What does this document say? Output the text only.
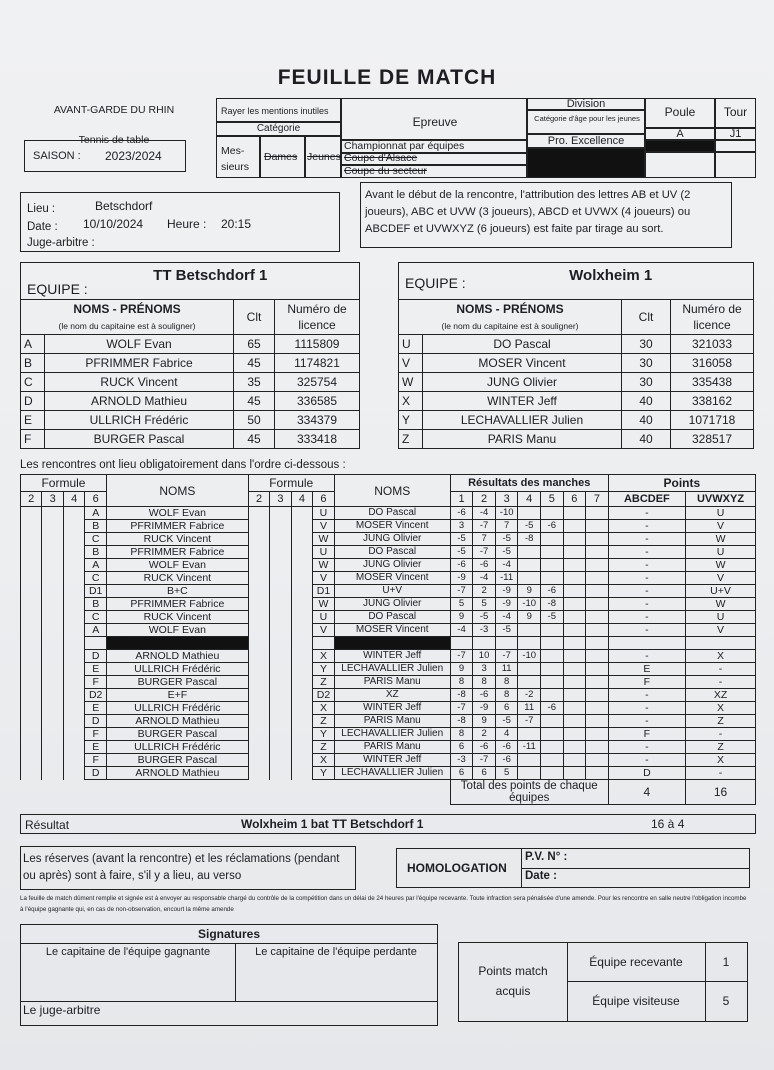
FEUILLE DE MATCH
AVANT-GARDE DU RHIN
Tennis de table
SAISON : 2023/2024
Rayer les mentions inutiles
Catégorie
Mes-sieurs
Dames Jeunes
Epreuve
Championnat par équipes
Coupe d'Alsace
Coupe du secteur
Division
Catégorie d'âge pour les jeunes
Pro. Excellence
Poule
A
Tour
J1
Lieu :	Betschdorf
Date : 10/10/2024 Heure : 20:15
Juge-arbitre :
Avant le début de la rencontre, l'attribution des lettres AB et UV (2 joueurs), ABC et UVW (3 joueurs), ABCD et UVWX (4 joueurs) ou ABCDEF et UVWXYZ (6 joueurs) est faite par tirage au sort.
EQUIPE : TT Betschdorf 1			

NOMS - PRÉNOMS
(le nom du capitaine est à souligner)		Clt	Numéro de licence
A	WOLF Evan	65	1115809
B	PFRIMMER Fabrice	45	1174821
C	RUCK Vincent	35	325754
D	ARNOLD Mathieu	45	336585
E	ULLRICH Frédéric	50	334379
F	BURGER Pascal	45	333418
EQUIPE : Wolxheim 1			

NOMS - PRÉNOMS
(le nom du capitaine est à souligner)		Clt	Numéro de licence
U	DO Pascal	30	321033
V	MOSER Vincent	30	316058
W	JUNG Olivier	30	335438
X	WINTER Jeff	40	338162
Y	LECHAVALLIER Julien	40	1071718
Z	PARIS Manu	40	328517
Les rencontres ont lieu obligatoirement dans l'ordre ci-dessous :
Formule				NOMS	Formule				NOMS	Résultats des manches							Points	
2	3	4	6		2	3	4	6		1	2	3	4	5	6	7	ABCDEF	UVWXYZ
			A	WOLF Evan				U	DO Pascal	-6	-4	-10					-	U
			B	PFRIMMER Fabrice				V	MOSER Vincent	3	-7	7	-5	-6			-	V
			C	RUCK Vincent				W	JUNG Olivier	-5	7	-5	-8				-	W
			B	PFRIMMER Fabrice				U	DO Pascal	-5	-7	-5					-	U
			A	WOLF Evan				W	JUNG Olivier	-6	-6	-4					-	W
			C	RUCK Vincent				V	MOSER Vincent	-9	-4	-11					-	V
			D1	B+C				D1	U+V	-7	2	-9	9	-6			-	U+V
			B	PFRIMMER Fabrice				W	JUNG Olivier	5	5	-9	-10	-8			-	W
			C	RUCK Vincent				U	DO Pascal	9	-5	-4	9	-5			-	U
			A	WOLF Evan				V	MOSER Vincent	-4	-3	-5					-	V

			D	ARNOLD Mathieu				X	WINTER Jeff	-7	10	-7	-10				-	X
			E	ULLRICH Frédéric				Y	LECHAVALLIER Julien	9	3	11					E	-
			F	BURGER Pascal				Z	PARIS Manu	8	8	8					F	-
			D2	E+F				D2	XZ	-8	-6	8	-2				-	XZ
			E	ULLRICH Frédéric				X	WINTER Jeff	-7	-9	6	11	-6			-	X
			D	ARNOLD Mathieu				Z	PARIS Manu	-8	9	-5	-7				-	Z
			F	BURGER Pascal				Y	LECHAVALLIER Julien	8	2	4					F	-
			E	ULLRICH Frédéric				Z	PARIS Manu	6	-6	-6	-11				-	Z
			F	BURGER Pascal				X	WINTER Jeff	-3	-7	-6					-	X
			D	ARNOLD Mathieu				Y	LECHAVALLIER Julien	6	6	5					D	-
										Total des points de chaque équipes							4	16
Résultat	Wolxheim 1 bat TT Betschdorf 1	16 à 4
Les réserves (avant la rencontre) et les réclamations (pendant ou après) sont à faire, s'il y a lieu, au verso
HOMOLOGATION
P.V. N° :
Date :
La feuille de match dûment remplie et signée est à envoyer au responsable chargé du contrôle de la compétition dans un délai de 24 heures par l'équipe recevante. Toute infraction sera pénalisée d'une amende. Pour les rencontre en salle neutre l'obligation incombe à l'équipe gagnante qui, en cas de non-observation, encourt la même amende
Signatures
Le capitaine de l'équipe gagnante	Le capitaine de l'équipe perdante
Le juge-arbitre
Points match acquis
Équipe recevante	1
Équipe visiteuse	5
